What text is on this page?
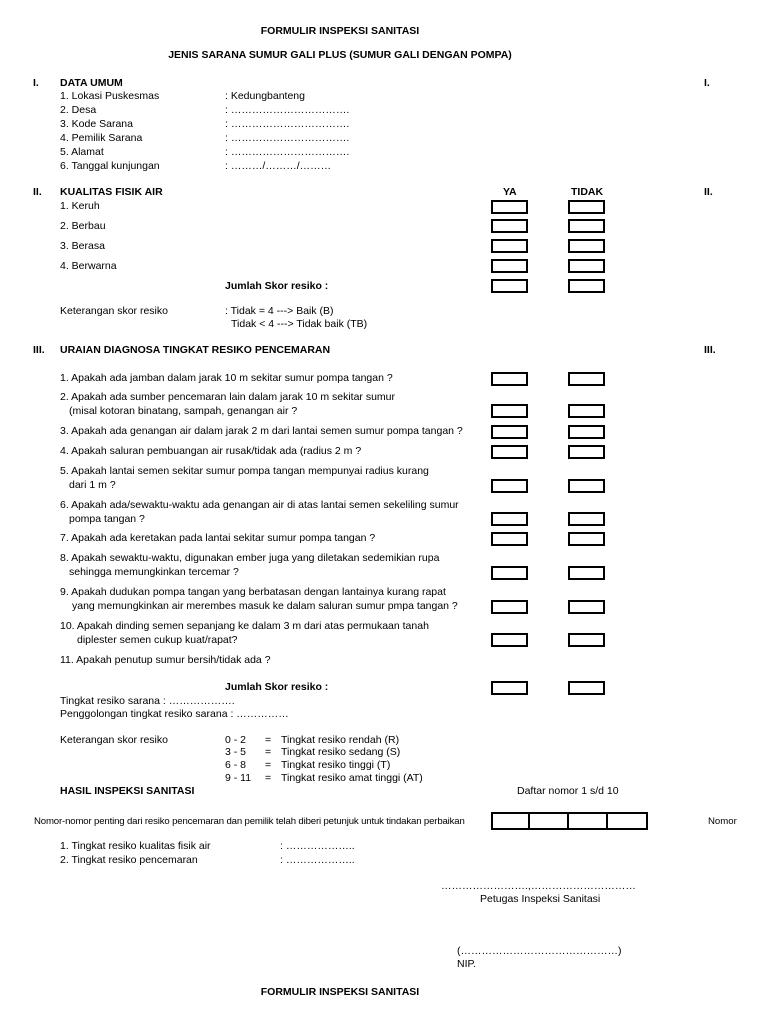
FORMULIR INSPEKSI SANITASI
JENIS SARANA SUMUR GALI PLUS (SUMUR GALI DENGAN POMPA)
I. DATA UMUM	I.
1. Lokasi Puskesmas	: Kedungbanteng
2. Desa	: …………………………….
3. Kode Sarana	: …………………………….
4. Pemilik Sarana	: …………………………….
5. Alamat	: …………………………….
6. Tanggal kunjungan	: ………/………/………
II. KUALITAS FISIK AIR	YA	TIDAK	II.
1. Keruh
2. Berbau
3. Berasa
4. Berwarna
Jumlah Skor resiko :
Keterangan skor resiko	: Tidak = 4 ---> Baik (B)
Tidak < 4 ---> Tidak baik (TB)
III. URAIAN DIAGNOSA TINGKAT RESIKO PENCEMARAN	III.
1. Apakah ada jamban dalam jarak 10 m sekitar sumur pompa tangan ?
2. Apakah ada sumber pencemaran lain dalam jarak 10 m sekitar sumur
(misal kotoran binatang, sampah, genangan air ?
3. Apakah ada genangan air dalam jarak 2 m dari lantai semen sumur pompa tangan ?
4. Apakah saluran pembuangan air rusak/tidak ada (radius 2 m ?
5. Apakah lantai semen sekitar sumur pompa tangan mempunyai radius kurang
dari 1 m ?
6. Apakah ada/sewaktu-waktu ada genangan air di atas lantai semen sekeliling sumur
pompa tangan ?
7. Apakah ada keretakan pada lantai sekitar sumur pompa tangan ?
8. Apakah sewaktu-waktu, digunakan ember juga yang diletakan sedemikian rupa
sehingga memungkinkan tercemar ?
9. Apakah dudukan pompa tangan yang berbatasan dengan lantainya kurang rapat
yang memungkinkan air merembes masuk ke dalam saluran sumur pmpa tangan ?
10. Apakah dinding semen sepanjang ke dalam 3 m dari atas permukaan tanah
diplester semen cukup kuat/rapat?
11. Apakah penutup sumur bersih/tidak ada ?
Jumlah Skor resiko :
Tingkat resiko sarana : ……………….
Penggolongan tingkat resiko sarana : ……………
Keterangan skor resiko	0 - 2 = Tingkat resiko rendah (R)
3 - 5 = Tingkat resiko sedang (S)
6 - 8 = Tingkat resiko tinggi (T)
9 - 11 = Tingkat resiko amat tinggi (AT)
HASIL INSPEKSI SANITASI	Daftar nomor 1 s/d 10
Nomor-nomor penting dari resiko pencemaran dan pemilik telah diberi petunjuk untuk tindakan perbaikan	Nomor
1. Tingkat resiko kualitas fisik air	: ………………..
2. Tingkat resiko pencemaran	: ………………..
…………………….,…………………………
Petugas Inspeksi Sanitasi
(………………………………………)
NIP.
FORMULIR INSPEKSI SANITASI
